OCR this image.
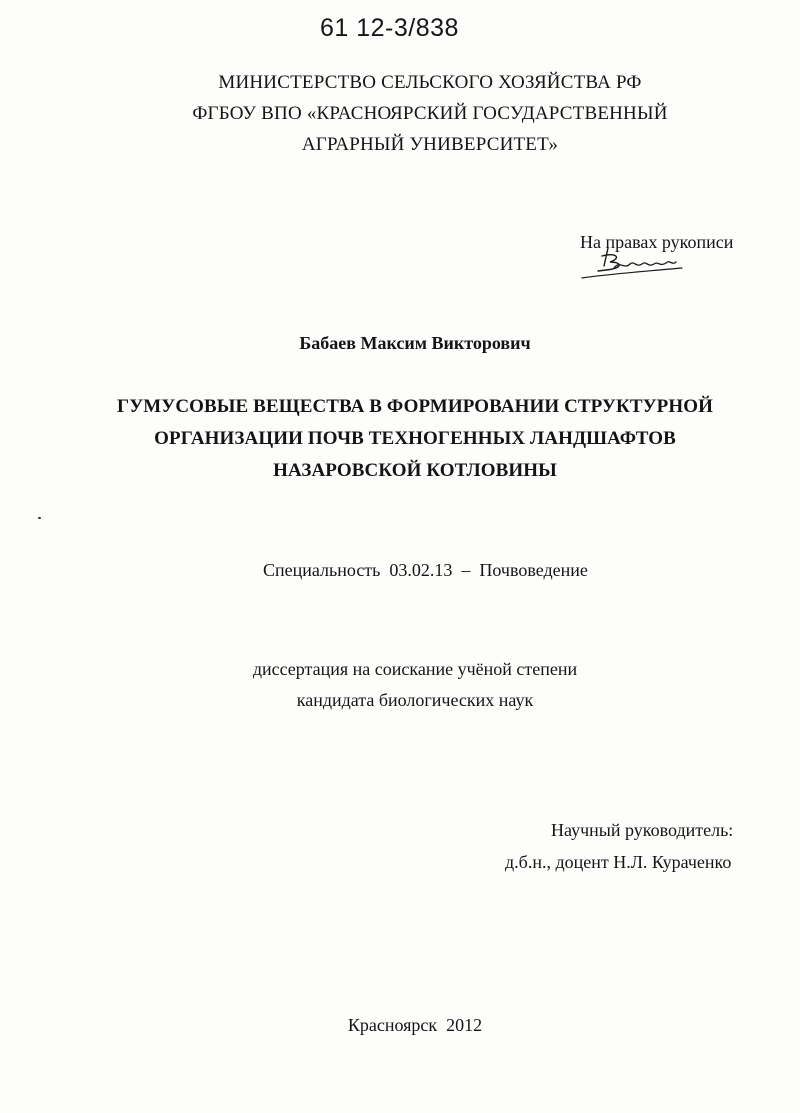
61 12-3/838
МИНИСТЕРСТВО СЕЛЬСКОГО ХОЗЯЙСТВА РФ
ФГБОУ ВПО «КРАСНОЯРСКИЙ ГОСУДАРСТВЕННЫЙ
АГРАРНЫЙ УНИВЕРСИТЕТ»
На правах рукописи
Бабаев Максим Викторович
ГУМУСОВЫЕ ВЕЩЕСТВА В ФОРМИРОВАНИИ СТРУКТУРНОЙ
ОРГАНИЗАЦИИ ПОЧВ ТЕХНОГЕННЫХ ЛАНДШАФТОВ
НАЗАРОВСКОЙ КОТЛОВИНЫ
Специальность  03.02.13  –  Почвоведение
диссертация на соискание учёной степени
кандидата биологических наук
Научный руководитель:
д.б.н., доцент Н.Л. Кураченко
Красноярск  2012
